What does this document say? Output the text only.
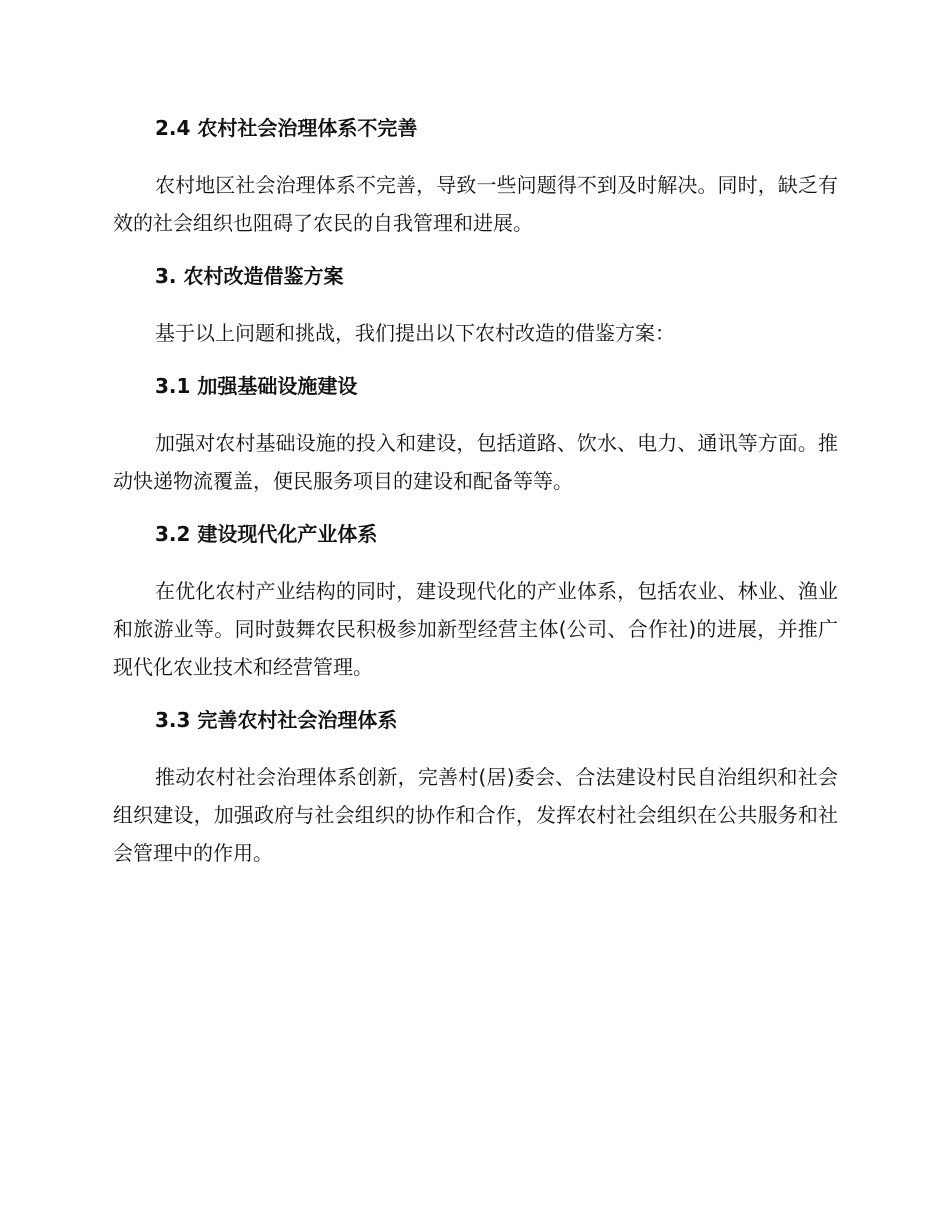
2.4 农村社会治理体系不完善

农村地区社会治理体系不完善，导致一些问题得不到及时解决。同时，缺乏有效的社会组织也阻碍了农民的自我管理和进展。

3. 农村改造借鉴方案

基于以上问题和挑战，我们提出以下农村改造的借鉴方案：

3.1 加强基础设施建设

加强对农村基础设施的投入和建设，包括道路、饮水、电力、通讯等方面。推动快递物流覆盖，便民服务项目的建设和配备等等。

3.2 建设现代化产业体系

在优化农村产业结构的同时，建设现代化的产业体系，包括农业、林业、渔业和旅游业等。同时鼓舞农民积极参加新型经营主体(公司、合作社)的进展，并推广现代化农业技术和经营管理。

3.3 完善农村社会治理体系

推动农村社会治理体系创新，完善村(居)委会、合法建设村民自治组织和社会组织建设，加强政府与社会组织的协作和合作，发挥农村社会组织在公共服务和社会管理中的作用。
